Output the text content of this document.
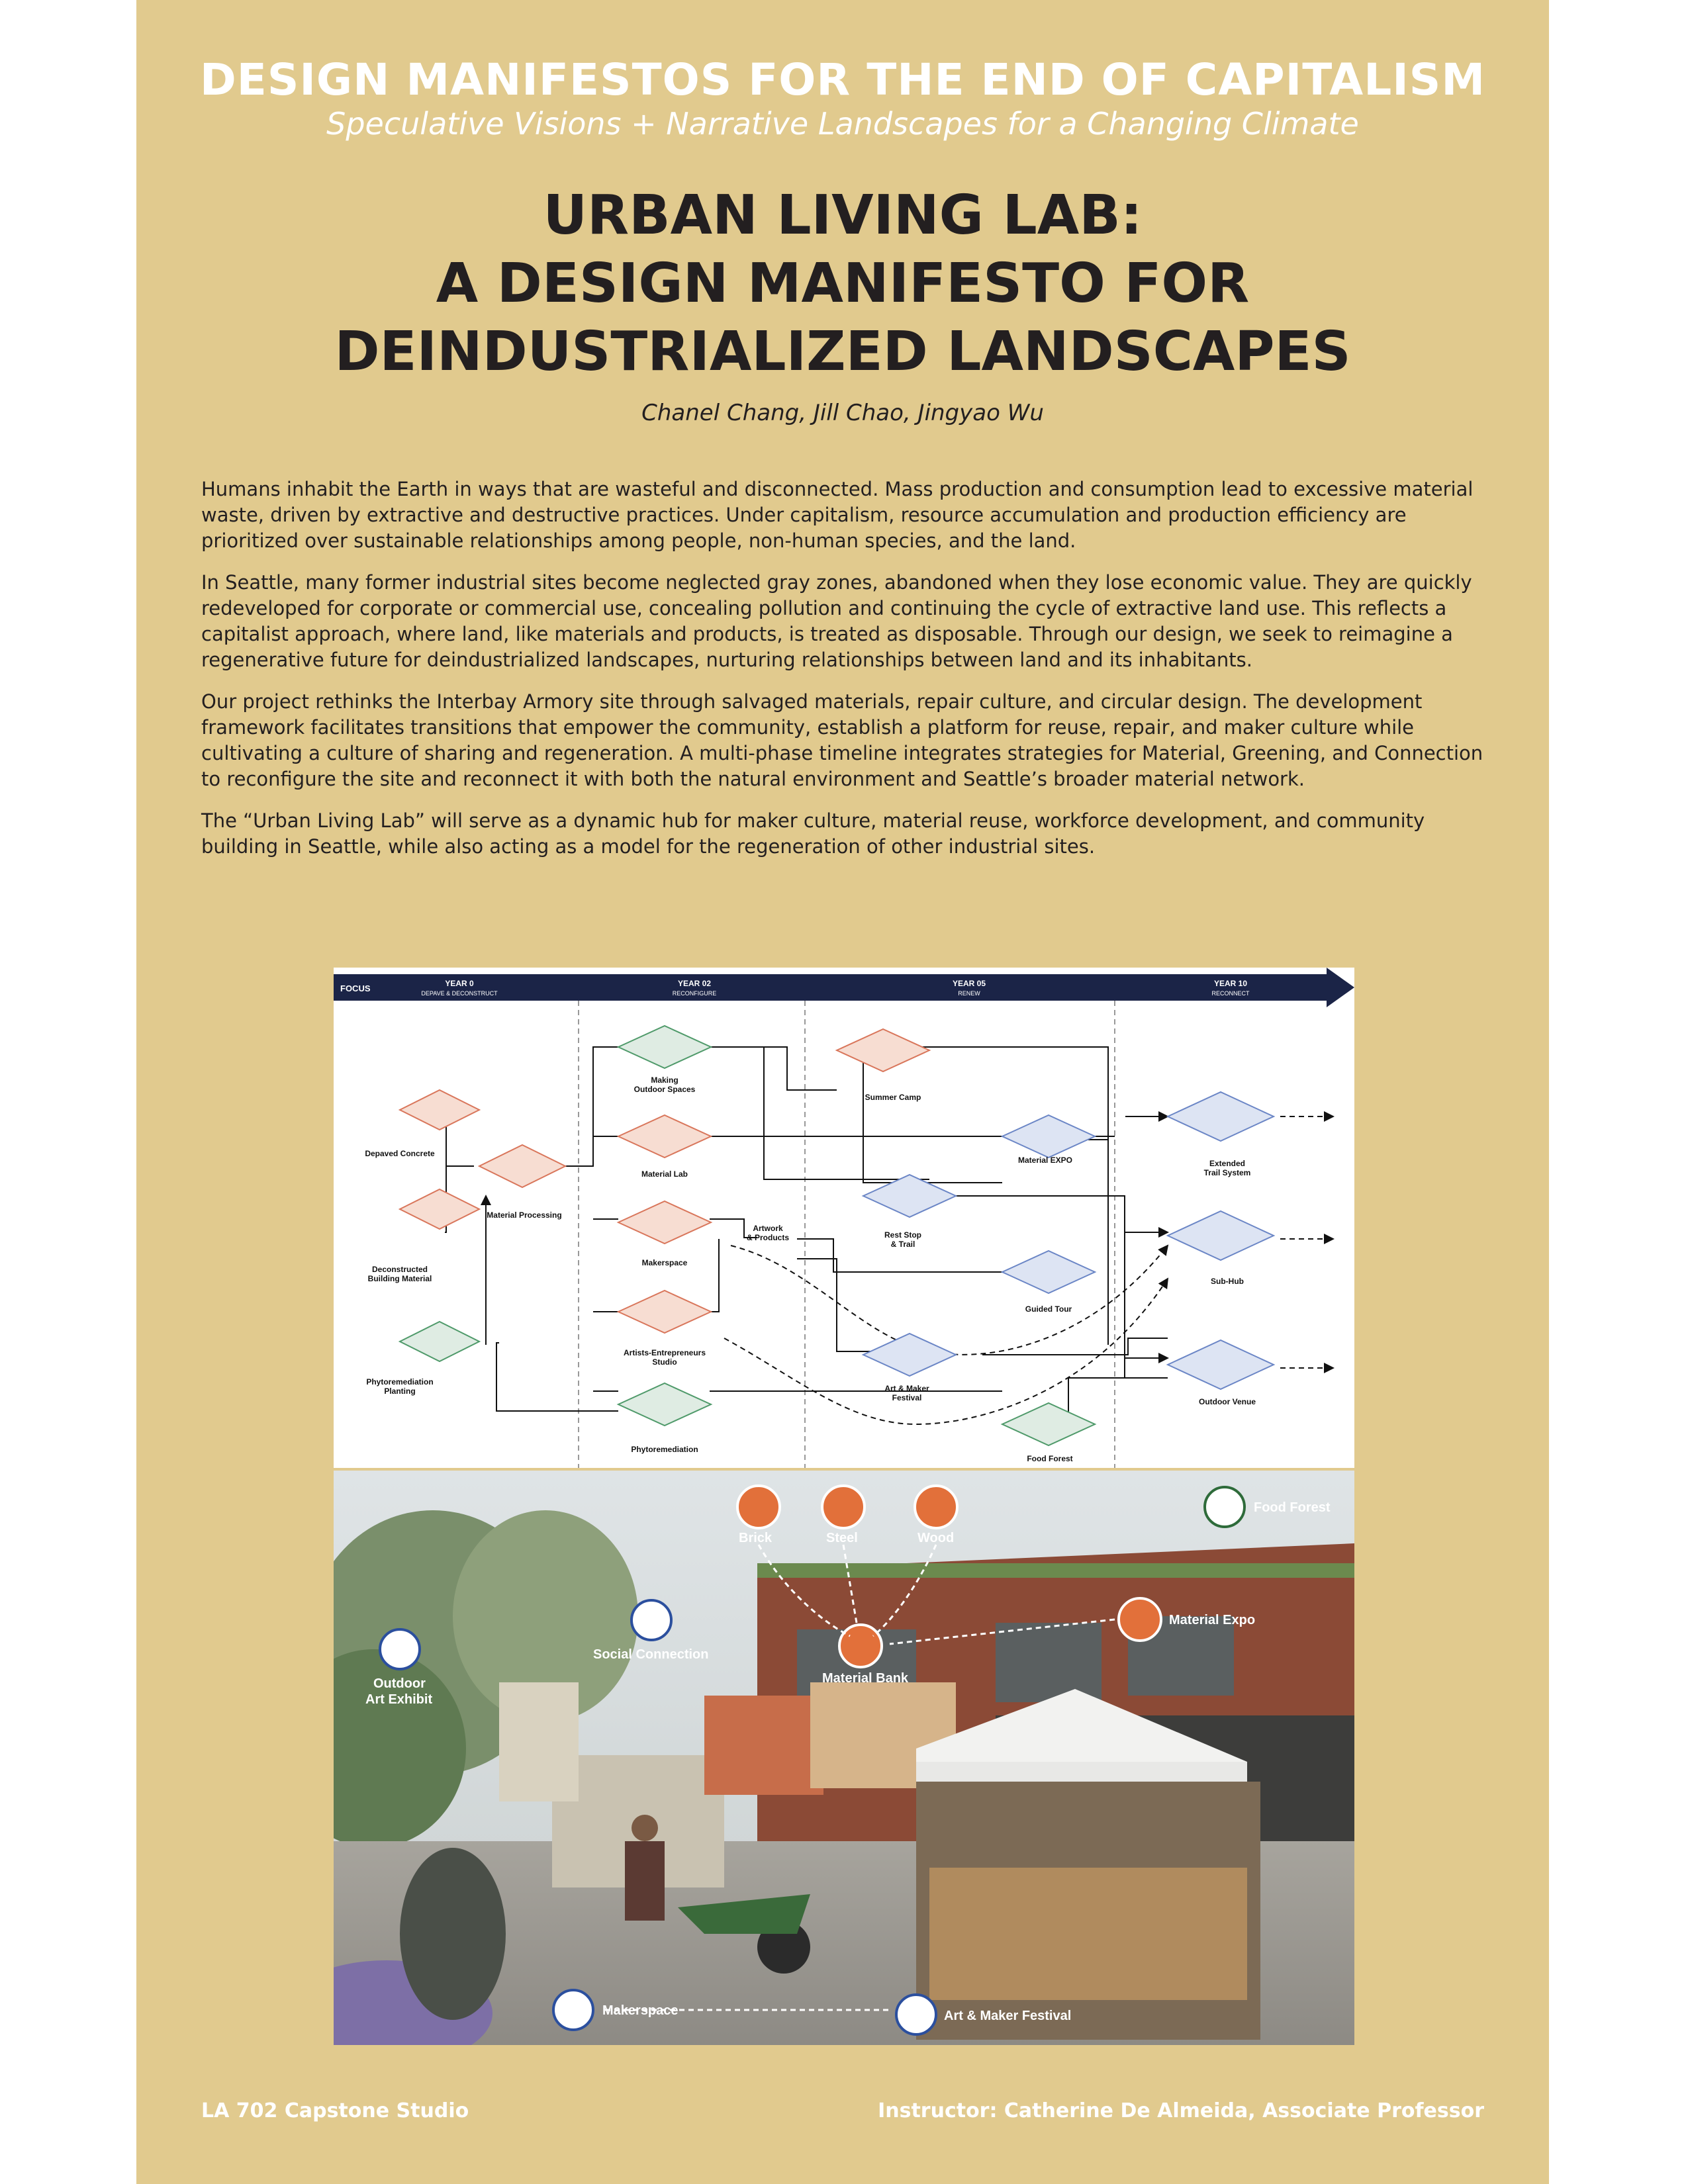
DESIGN MANIFESTOS FOR THE END OF CAPITALISM
Speculative Visions + Narrative Landscapes for a Changing Climate
URBAN LIVING LAB:
A DESIGN MANIFESTO FOR
DEINDUSTRIALIZED LANDSCAPES
Chanel Chang, Jill Chao, Jingyao Wu

Humans inhabit the Earth in ways that are wasteful and disconnected. Mass production and consumption lead to excessive material waste, driven by extractive and destructive practices. Under capitalism, resource accumulation and production efficiency are prioritized over sustainable relationships among people, non-human species, and the land.

In Seattle, many former industrial sites become neglected gray zones, abandoned when they lose economic value. They are quickly redeveloped for corporate or commercial use, concealing pollution and continuing the cycle of extractive land use. This reflects a capitalist approach, where land, like materials and products, is treated as disposable. Through our design, we seek to reimagine a regenerative future for deindustrialized landscapes, nurturing relationships between land and its inhabitants.

Our project rethinks the Interbay Armory site through salvaged materials, repair culture, and circular design. The development framework facilitates transitions that empower the community, establish a platform for reuse, repair, and maker culture while cultivating a culture of sharing and regeneration. A multi-phase timeline integrates strategies for Material, Greening, and Connection to reconfigure the site and reconnect it with both the natural environment and Seattle’s broader material network.

The “Urban Living Lab” will serve as a dynamic hub for maker culture, material reuse, workforce development, and community building in Seattle, while also acting as a model for the regeneration of other industrial sites.

FOCUS	YEAR 0
DEPAVE & DECONSTRUCT
YEAR 02
RECONFIGURE
YEAR 05
RENEW
YEAR 10
RECONNECT
Depaved Concrete
Deconstructed
Building Material
Phytoremediation
Planting
Material Processing
Making
Outdoor Spaces
Material Lab
Makerspace
Artists-Entrepreneurs
Studio
Phytoremediation
Artwork
& Products
Summer Camp
Material EXPO
Rest Stop
& Trail
Guided Tour
Art & Maker
Festival
Food Forest
Extended
Trail System
Sub-Hub
Outdoor Venue
Brick	Steel	Wood
Food Forest
Material Expo
Social Connection
Material Bank
Outdoor
Art Exhibit
Makerspace	Art & Maker Festival
LA 702 Capstone Studio	Instructor: Catherine De Almeida, Associate Professor
